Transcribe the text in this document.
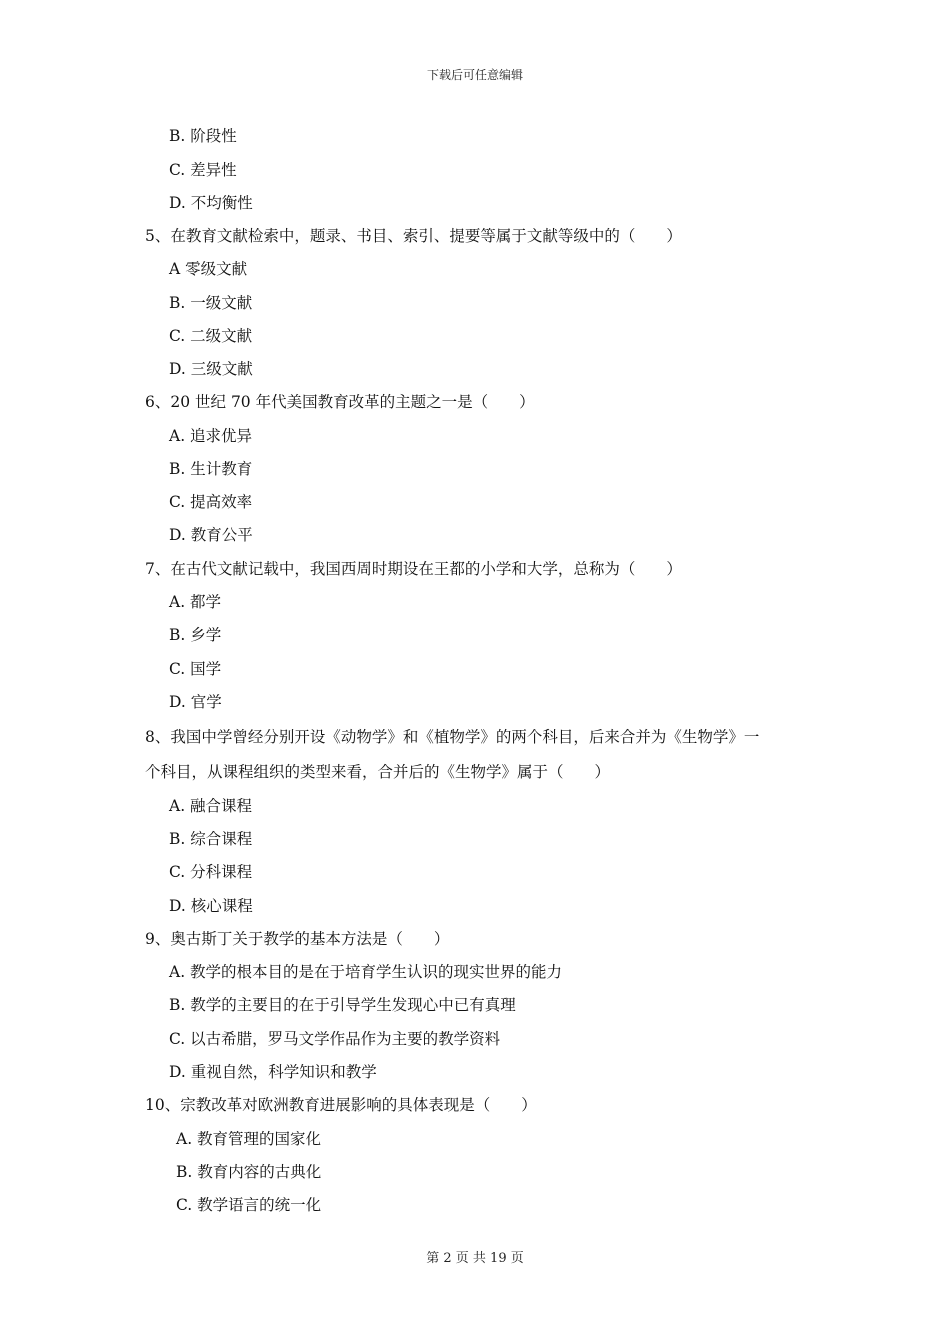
下载后可任意编辑
B. 阶段性
C. 差异性
D. 不均衡性
5、在教育文献检索中，题录、书目、索引、提要等属于文献等级中的（　　）
A 零级文献
B. 一级文献
C. 二级文献
D. 三级文献
6、20 世纪 70 年代美国教育改革的主题之一是（　　）
A. 追求优异
B. 生计教育
C. 提高效率
D. 教育公平
7、在古代文献记载中，我国西周时期设在王都的小学和大学，总称为（　　）
A. 都学
B. 乡学
C. 国学
D. 官学
8、我国中学曾经分别开设《动物学》和《植物学》的两个科目，后来合并为《生物学》一
个科目，从课程组织的类型来看，合并后的《生物学》属于（　　）
A. 融合课程
B. 综合课程
C. 分科课程
D. 核心课程
9、奥古斯丁关于教学的基本方法是（　　）
A. 教学的根本目的是在于培育学生认识的现实世界的能力
B. 教学的主要目的在于引导学生发现心中已有真理
C. 以古希腊，罗马文学作品作为主要的教学资料
D. 重视自然，科学知识和教学
10、宗教改革对欧洲教育进展影响的具体表现是（　　）
A. 教育管理的国家化
B. 教育内容的古典化
C. 教学语言的统一化
第 2 页 共 19 页
